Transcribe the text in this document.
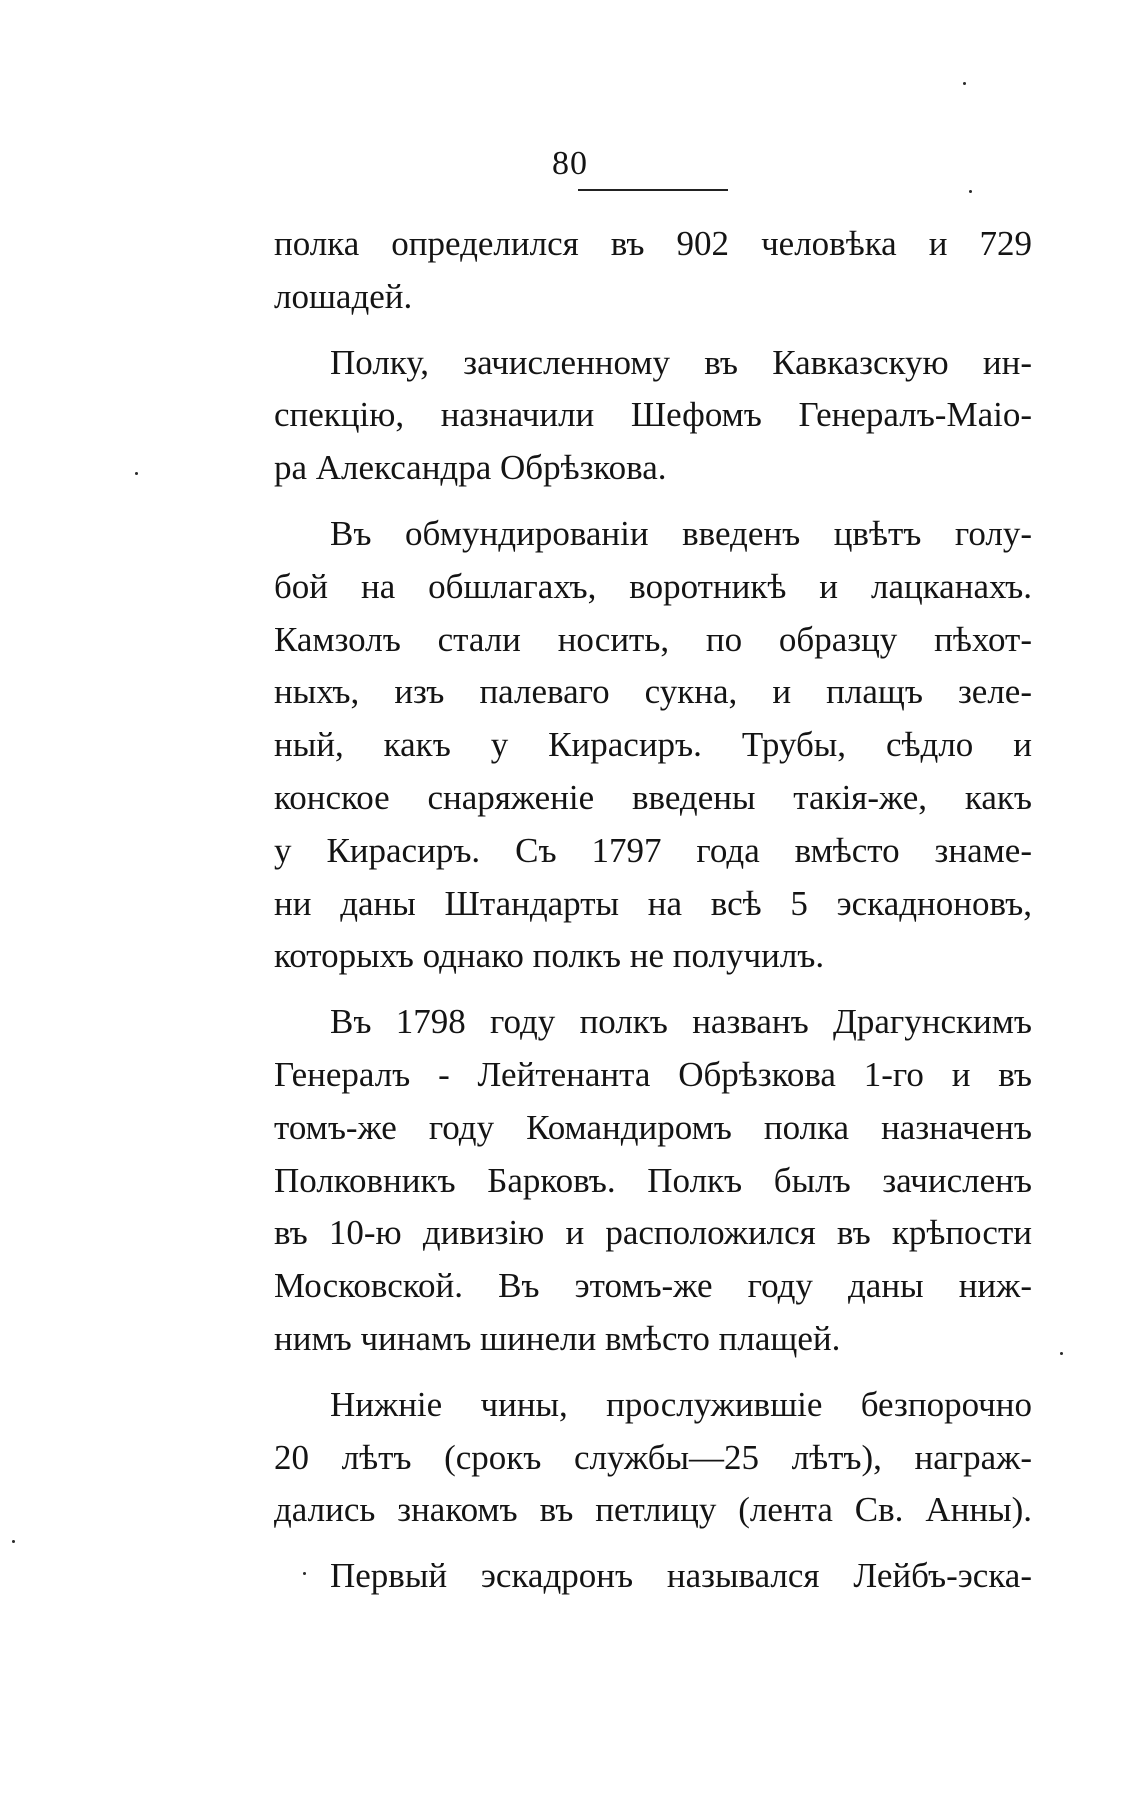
80
полка определился въ 902 человѣка и 729
лошадей.
Полку, зачисленному въ Кавказскую ин-
спекцію, назначили Шефомъ Генералъ-Маіо-
ра Александра Обрѣзкова.
Въ обмундированіи введенъ цвѣтъ голу-
бой на обшлагахъ, воротникѣ и лацканахъ.
Камзолъ стали носить, по образцу пѣхот-
ныхъ, изъ палеваго сукна, и плащъ зеле-
ный, какъ у Кирасиръ. Трубы, сѣдло и
конское снаряженіе введены такія-же, какъ
у Кирасиръ. Съ 1797 года вмѣсто знаме-
ни даны Штандарты на всѣ 5 эскадноновъ,
которыхъ однако полкъ не получилъ.
Въ 1798 году полкъ названъ Драгунскимъ
Генералъ - Лейтенанта Обрѣзкова 1-го и въ
томъ-же году Командиромъ полка назначенъ
Полковникъ Барковъ. Полкъ былъ зачисленъ
въ 10-ю дивизію и расположился въ крѣпости
Московской. Въ этомъ-же году даны ниж-
нимъ чинамъ шинели вмѣсто плащей.
Нижніе чины, прослужившіе безпорочно
20 лѣтъ (срокъ службы—25 лѣтъ), награж-
дались знакомъ въ петлицу (лента Св. Анны).
Первый эскадронъ назывался Лейбъ-эска-
